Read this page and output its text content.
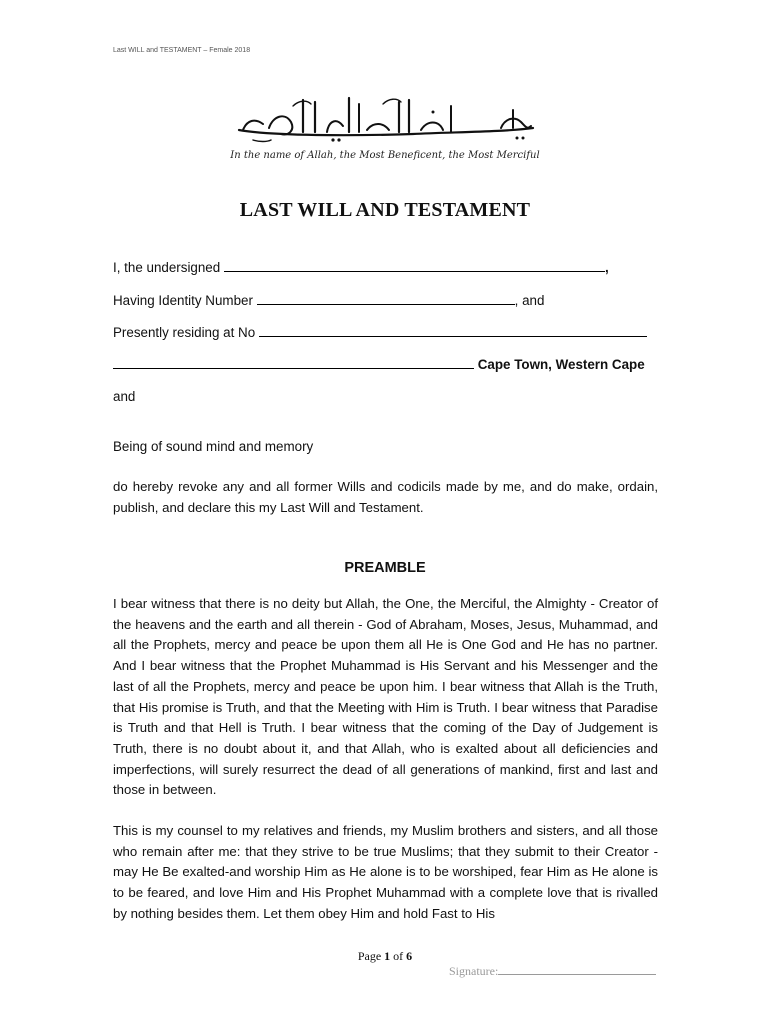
Last WILL and TESTAMENT – Female 2018
In the name of Allah, the Most Beneficent, the Most Merciful
LAST WILL AND TESTAMENT
I, the undersigned	,
Having Identity Number	, and
Presently residing at No
Cape Town, Western Cape
and
Being of sound mind and memory
do hereby revoke any and all former Wills and codicils made by me, and do make, ordain, publish, and declare this my Last Will and Testament.
PREAMBLE
I bear witness that there is no deity but Allah, the One, the Merciful, the Almighty - Creator of the heavens and the earth and all therein - God of Abraham, Moses, Jesus, Muhammad, and all the Prophets, mercy and peace be upon them all He is One God and He has no partner. And I bear witness that the Prophet Muhammad is His Servant and his Messenger and the last of all the Prophets, mercy and peace be upon him. I bear witness that Allah is the Truth, that His promise is Truth, and that the Meeting with Him is Truth. I bear witness that Paradise is Truth and that Hell is Truth. I bear witness that the coming of the Day of Judgement is Truth, there is no doubt about it, and that Allah, who is exalted about all deficiencies and imperfections, will surely resurrect the dead of all generations of mankind, first and last and those in between.
This is my counsel to my relatives and friends, my Muslim brothers and sisters, and all those who remain after me: that they strive to be true Muslims; that they submit to their Creator - may He Be exalted-and worship Him as He alone is to be worshiped, fear Him as He alone is to be feared, and love Him and His Prophet Muhammad with a complete love that is rivalled by nothing besides them. Let them obey Him and hold Fast to His
Page 1 of 6
Signature:
